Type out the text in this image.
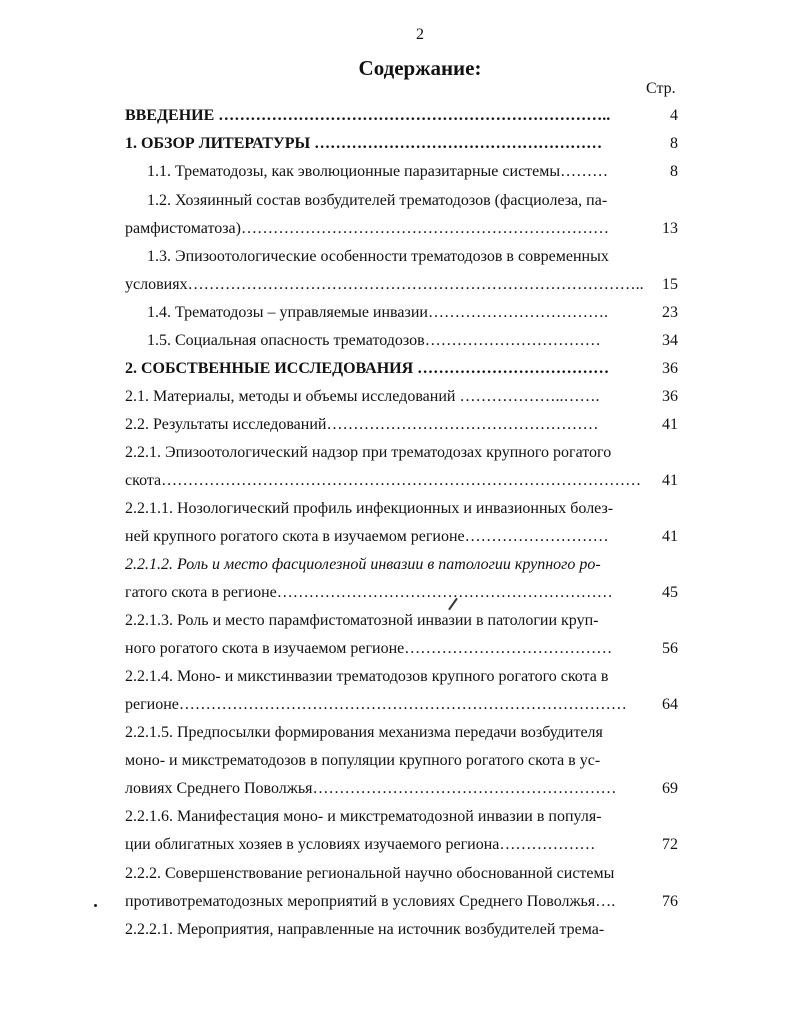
2
Содержание:
Стр.
ВВЕДЕНИЕ ………………………………………………………………..	4
1. ОБЗОР ЛИТЕРАТУРЫ ………………………………………………	8
1.1. Трематодозы, как эволюционные паразитарные системы………	8
1.2. Хозяинный состав возбудителей трематодозов (фасциолеза, па-
рамфистоматоза)……………………………………………………………	13
1.3. Эпизоотологические особенности трематодозов в современных
условиях…………………………………………………………………………..	15
1.4. Трематодозы – управляемые инвазии…………………………….	23
1.5. Социальная опасность трематодозов……………………………	34
2. СОБСТВЕННЫЕ ИССЛЕДОВАНИЯ ………………………………	36
2.1. Материалы, методы и объемы исследований ………………..…….	36
2.2. Результаты исследований……………………………………………	41
2.2.1. Эпизоотологический надзор при трематодозах крупного рогатого
скота………………………………………………………………………………	41
2.2.1.1. Нозологический профиль инфекционных и инвазионных болез-
ней крупного рогатого скота в изучаемом регионе………………………	41
2.2.1.2. Роль и место фасциолезной инвазии в патологии крупного ро-
гатого скота в регионе………………………………………………………	45
2.2.1.3. Роль и место парамфистоматозной инвазии в патологии круп-
ного рогатого скота в изучаемом регионе…………………………………	56
2.2.1.4. Моно- и микстинвазии трематодозов крупного рогатого скота в
регионе…………………………………………………………………………	64
2.2.1.5. Предпосылки формирования механизма передачи возбудителя
моно- и микстрематодозов в популяции крупного рогатого скота в ус-
ловиях Среднего Поволжья…………………………………………………	69
2.2.1.6. Манифестация моно- и микстрематодозной инвазии в популя-
ции облигатных хозяев в условиях изучаемого регионa………………	72
2.2.2. Совершенствование региональной научно обоснованной системы
противотрематодозных мероприятий в условиях Среднего Поволжья….	76
2.2.2.1. Мероприятия, направленные на источник возбудителей трема-
